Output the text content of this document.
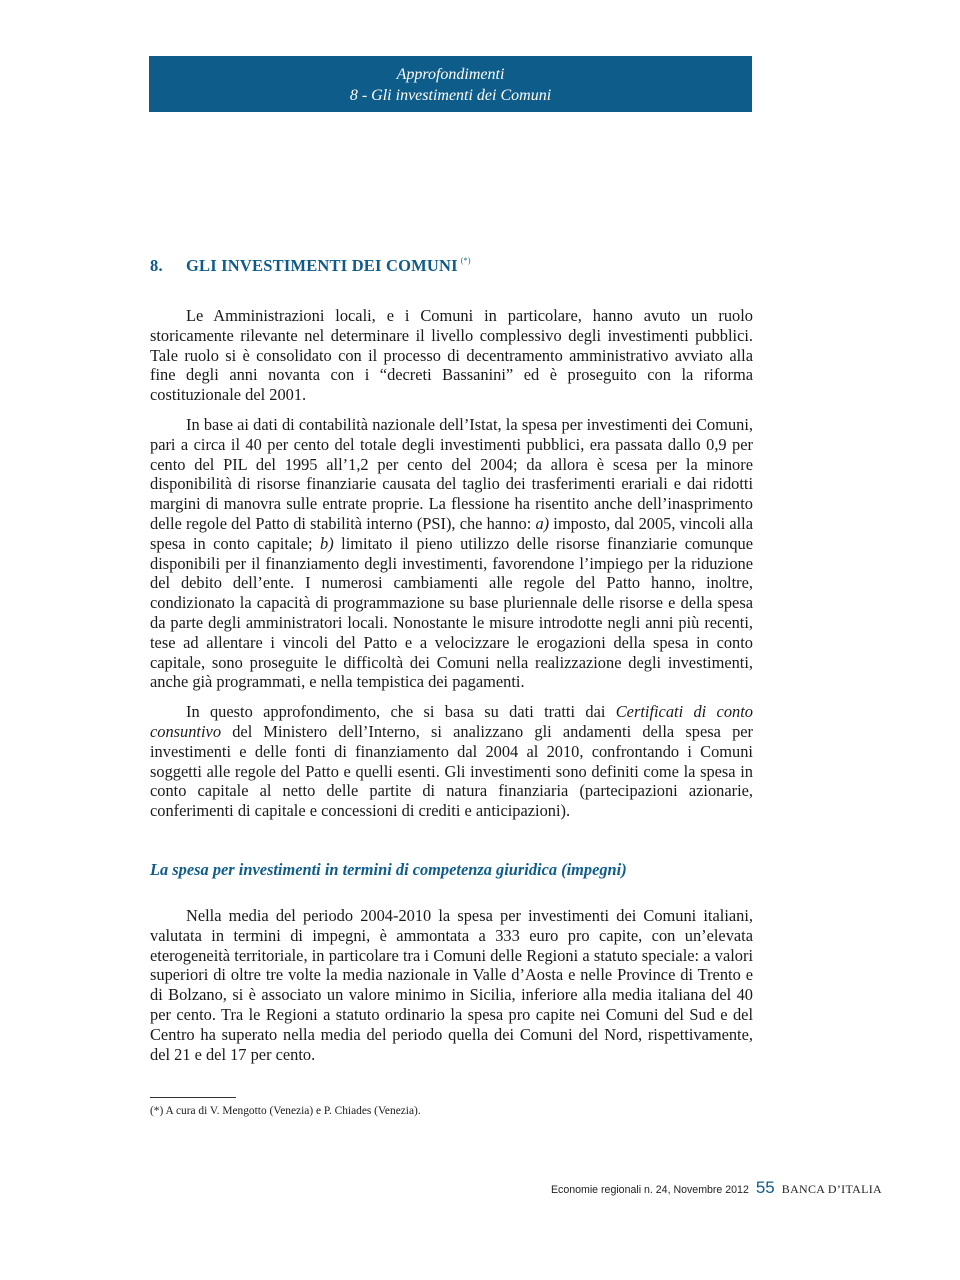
Approfondimenti
8 - Gli investimenti dei Comuni
8. GLI INVESTIMENTI DEI COMUNI (*)

Le Amministrazioni locali, e i Comuni in particolare, hanno avuto un ruolo storicamente rilevante nel determinare il livello complessivo degli investimenti pubblici. Tale ruolo si è consolidato con il processo di decentramento amministrativo avviato alla fine degli anni novanta con i “decreti Bassanini” ed è proseguito con la riforma costituzionale del 2001.

In base ai dati di contabilità nazionale dell’Istat, la spesa per investimenti dei Comuni, pari a circa il 40 per cento del totale degli investimenti pubblici, era passata dallo 0,9 per cento del PIL del 1995 all’1,2 per cento del 2004; da allora è scesa per la minore disponibilità di risorse finanziarie causata del taglio dei trasferimenti erariali e dai ridotti margini di manovra sulle entrate proprie. La flessione ha risentito anche dell’inasprimento delle regole del Patto di stabilità interno (PSI), che hanno: a) imposto, dal 2005, vincoli alla spesa in conto capitale; b) limitato il pieno utilizzo delle risorse finanziarie comunque disponibili per il finanziamento degli investimenti, favorendone l’impiego per la riduzione del debito dell’ente. I numerosi cambiamenti alle regole del Patto hanno, inoltre, condizionato la capacità di programmazione su base pluriennale delle risorse e della spesa da parte degli amministratori locali. Nonostante le misure introdotte negli anni più recenti, tese ad allentare i vincoli del Patto e a velocizzare le erogazioni della spesa in conto capitale, sono proseguite le difficoltà dei Comuni nella realizzazione degli investimenti, anche già programmati, e nella tempistica dei pagamenti.

In questo approfondimento, che si basa su dati tratti dai Certificati di conto consuntivo del Ministero dell’Interno, si analizzano gli andamenti della spesa per investimenti e delle fonti di finanziamento dal 2004 al 2010, confrontando i Comuni soggetti alle regole del Patto e quelli esenti. Gli investimenti sono definiti come la spesa in conto capitale al netto delle partite di natura finanziaria (partecipazioni azionarie, conferimenti di capitale e concessioni di crediti e anticipazioni).

La spesa per investimenti in termini di competenza giuridica (impegni)

Nella media del periodo 2004-2010 la spesa per investimenti dei Comuni italiani, valutata in termini di impegni, è ammontata a 333 euro pro capite, con un’elevata eterogeneità territoriale, in particolare tra i Comuni delle Regioni a statuto speciale: a valori superiori di oltre tre volte la media nazionale in Valle d’Aosta e nelle Province di Trento e di Bolzano, si è associato un valore minimo in Sicilia, inferiore alla media italiana del 40 per cento. Tra le Regioni a statuto ordinario la spesa pro capite nei Comuni del Sud e del Centro ha superato nella media del periodo quella dei Comuni del Nord, rispettivamente, del 21 e del 17 per cento.

(*) A cura di V. Mengotto (Venezia) e P. Chiades (Venezia).
Economie regionali n. 24, Novembre 2012 55 BANCA D’ITALIA
